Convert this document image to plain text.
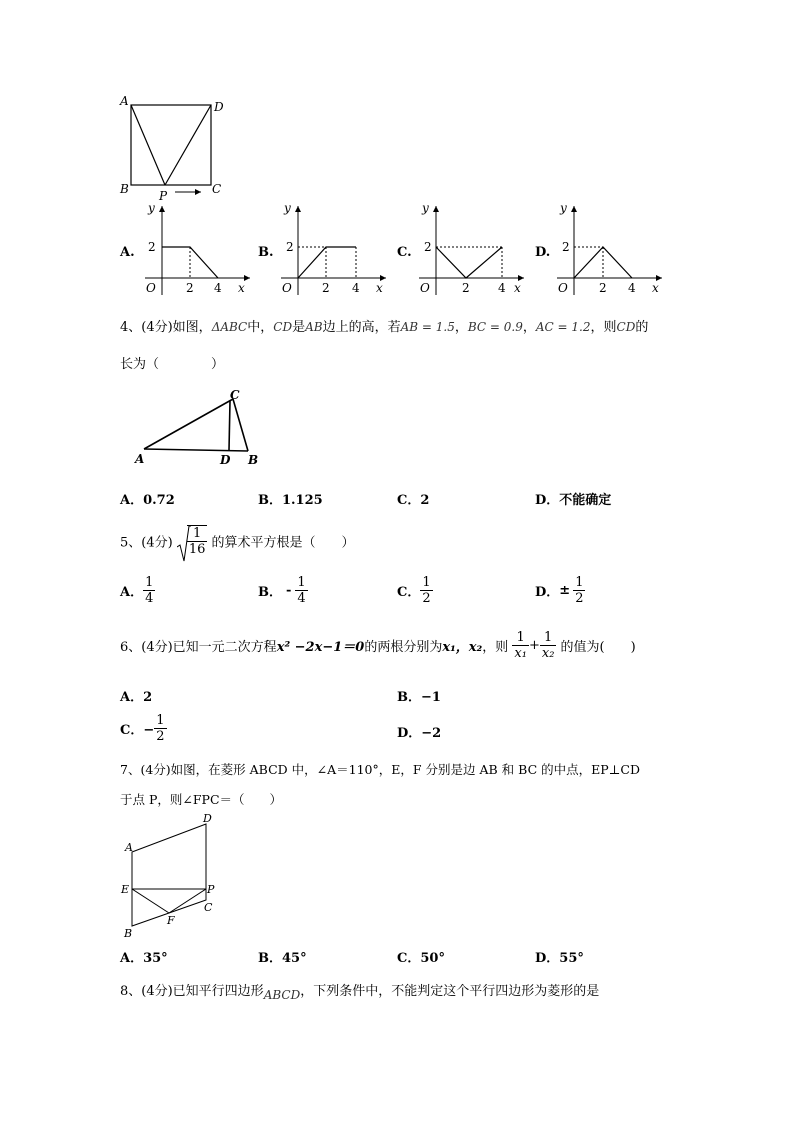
A	D
B	C
P
A.
y
x
O
2
2 4
B.
y
x
O
2
2 4
C.
y
x
O
2
2 4
D.
y
x
O
2
2 4
4、(4分)如图，ΔABC中，CD是AB边上的高，若AB = 1.5，BC = 0.9，AC = 1.2，则CD的
长为（　　　　）
C
A	D B
A．0.72	B．1.125	C．2	D．不能确定
5、(4分) $\frac{1}{16}$ 的算术平方根是（　　）
A． $\frac{1}{4}$	B． - $\frac{1}{4}$	C． $\frac{1}{2}$	D．± $\frac{1}{2}$
6、(4分)已知一元二次方程x² −2x−1＝0的两根分别为x₁，x₂，则 $\frac{1}{\text{x₁}} + \frac{1}{\text{x₂}}$ 的值为(　　)
A．2	B．−1
C．− $\frac{1}{2}$	D．−2
7、(4分)如图，在菱形 ABCD 中，∠A＝110°，E，F 分别是边 AB 和 BC 的中点，EP⊥CD
于点 P，则∠FPC＝（　　）
A
D
E	P
C
F
B
A．35°	B．45°	C．50°	D．55°
8、(4分)已知平行四边形ABCD，下列条件中，不能判定这个平行四边形为菱形的是
